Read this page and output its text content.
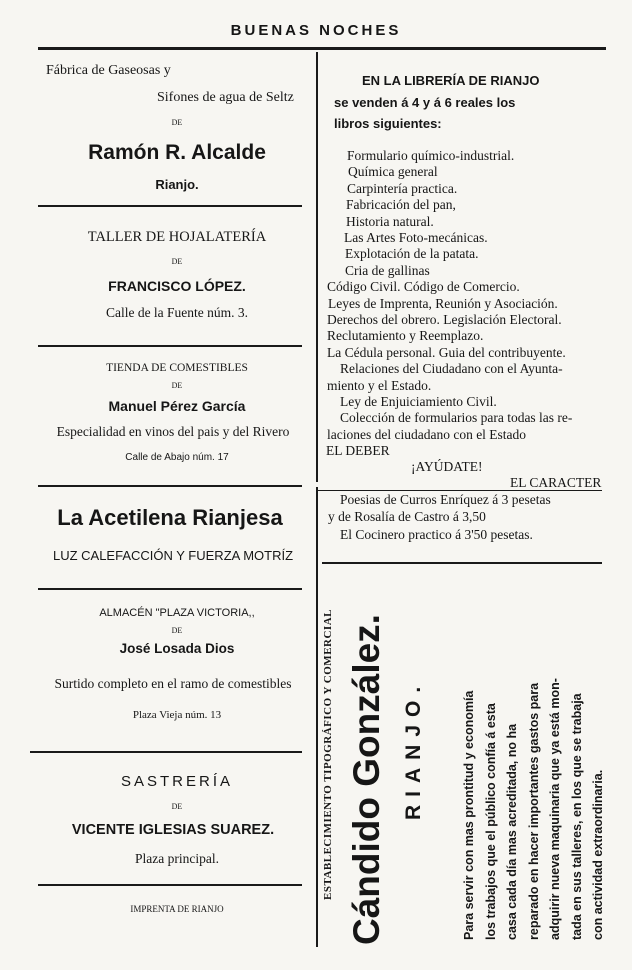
BUENAS NOCHES
Fábrica de Gaseosas y
Sifones de agua de Seltz
DE
Ramón R. Alcalde
Rianjo.
TALLER DE HOJALATERÍA
DE
FRANCISCO LÓPEZ.
Calle de la Fuente núm. 3.
TIENDA DE COMESTIBLES
DE
Manuel Pérez García
Especialidad en vinos del pais y del Rivero
Calle de Abajo núm. 17
La Acetilena Rianjesa
LUZ CALEFACCIÓN Y FUERZA MOTRÍZ
ALMACÉN "PLAZA VICTORIA,,
DE
José Losada Dios
Surtido completo en el ramo de comestibles
Plaza Vieja núm. 13
SASTRERÍA
DE
VICENTE IGLESIAS SUAREZ.
Plaza principal.
IMPRENTA DE RIANJO
EN LA LIBRERÍA DE RIANJO
se venden á 4 y á 6 reales los
libros siguientes:
Formulario químico-industrial.
Química general
Carpintería practica.
Fabricación del pan,
Historia natural.
Las Artes Foto-mecánicas.
Explotación de la patata.
Cria de gallinas
Código Civil. Código de Comercio.
Leyes de Imprenta, Reunión y Asociación.
Derechos del obrero. Legislación Electoral.
Reclutamiento y Reemplazo.
La Cédula personal. Guia del contribuyente.
Relaciones del Ciudadano con el Ayunta-
miento y el Estado.
Ley de Enjuiciamiento Civil.
Colección de formularios para todas las re-
laciones del ciudadano con el Estado
EL DEBER
¡AYÚDATE!
EL CARACTER
Poesias de Curros Enríquez á 3 pesetas
y de Rosalía de Castro á 3,50
El Cocinero practico á 3'50 pesetas.
ESTABLECIMIENTO TIPOGRÁFICO Y COMERCIAL Cándido González. RIANJO.	Para servir con mas prontitud y economía los trabajos que el público confía á esta casa cada día mas acreditada, no ha reparado en hacer importantes gastos para adquirir nueva maquinaria que ya está mon- tada en sus talleres, en los que se trabaja con actividad extraordinaria.
